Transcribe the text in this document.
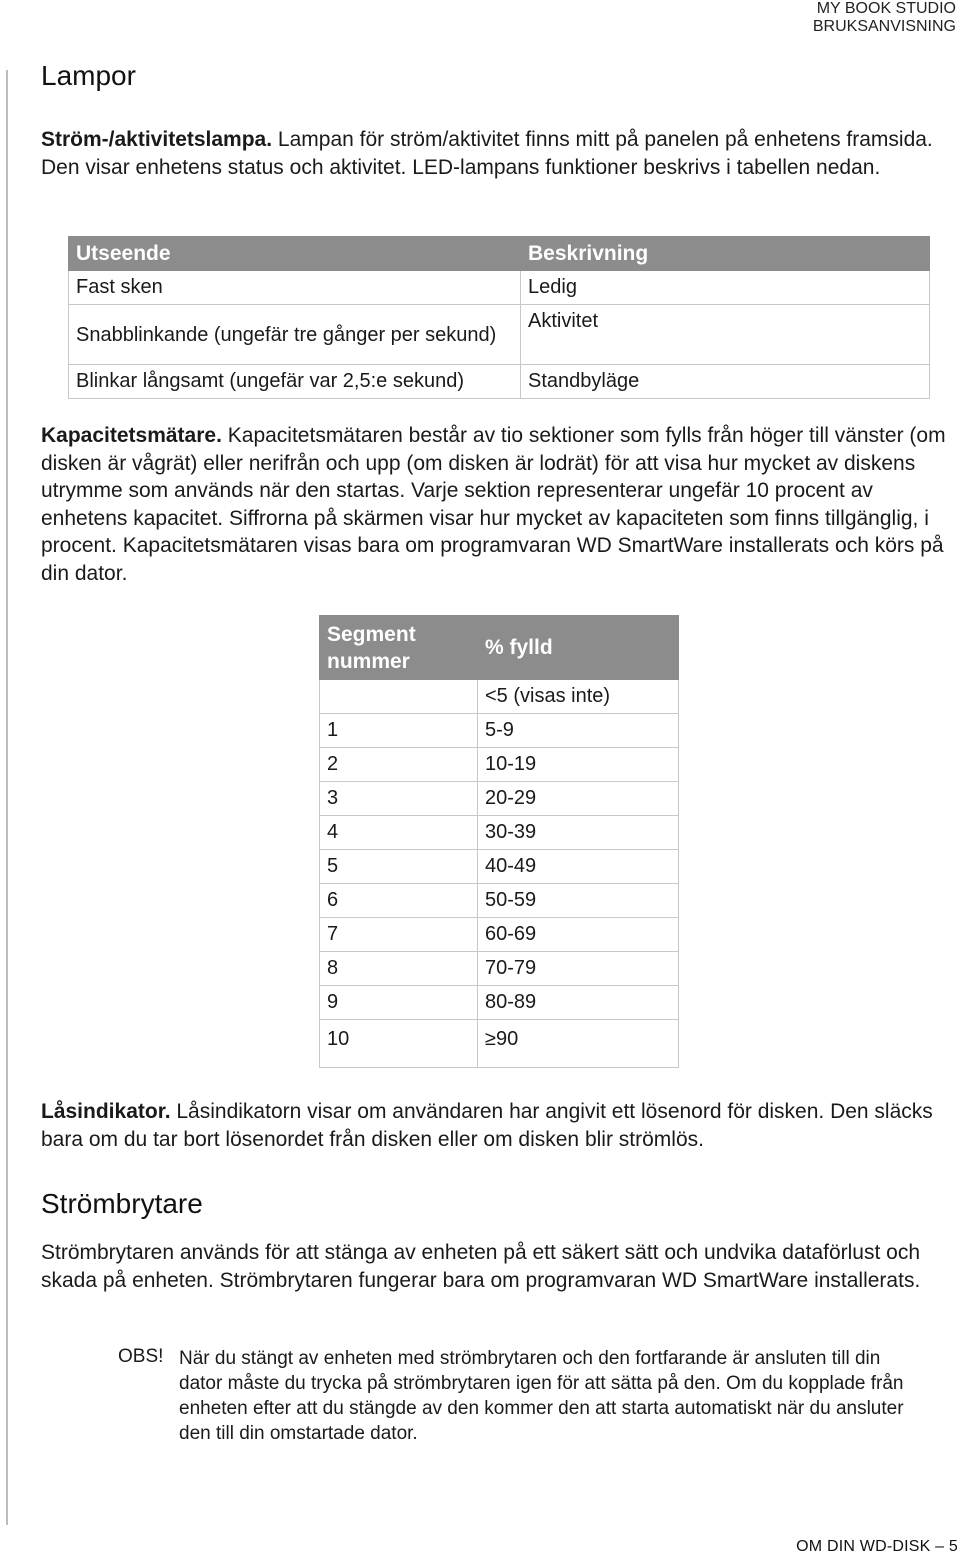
MY BOOK STUDIO
BRUKSANVISNING
Lampor
Ström-/aktivitetslampa. Lampan för ström/aktivitet finns mitt på panelen på enhetens framsida. Den visar enhetens status och aktivitet. LED-lampans funktioner beskrivs i tabellen nedan.
Utseende	Beskrivning
Fast sken	Ledig
Snabblinkande (ungefär tre gånger per sekund)	Aktivitet
Blinkar långsamt (ungefär var 2,5:e sekund)	Standbyläge
Kapacitetsmätare. Kapacitetsmätaren består av tio sektioner som fylls från höger till vänster (om disken är vågrät) eller nerifrån och upp (om disken är lodrät) för att visa hur mycket av diskens utrymme som används när den startas. Varje sektion representerar ungefär 10 procent av enhetens kapacitet. Siffrorna på skärmen visar hur mycket av kapaciteten som finns tillgänglig, i procent. Kapacitetsmätaren visas bara om programvaran WD SmartWare installerats och körs på din dator.
Segment nummer	% fylld
	<5 (visas inte)
1	5-9
2	10-19
3	20-29
4	30-39
5	40-49
6	50-59
7	60-69
8	70-79
9	80-89
10	≥90
Låsindikator. Låsindikatorn visar om användaren har angivit ett lösenord för disken. Den släcks bara om du tar bort lösenordet från disken eller om disken blir strömlös.
Strömbrytare
Strömbrytaren används för att stänga av enheten på ett säkert sätt och undvika dataförlust och skada på enheten. Strömbrytaren fungerar bara om programvaran WD SmartWare installerats.
OBS! När du stängt av enheten med strömbrytaren och den fortfarande är ansluten till din dator måste du trycka på strömbrytaren igen för att sätta på den. Om du kopplade från enheten efter att du stängde av den kommer den att starta automatiskt när du ansluter den till din omstartade dator.
OM DIN WD-DISK – 5
